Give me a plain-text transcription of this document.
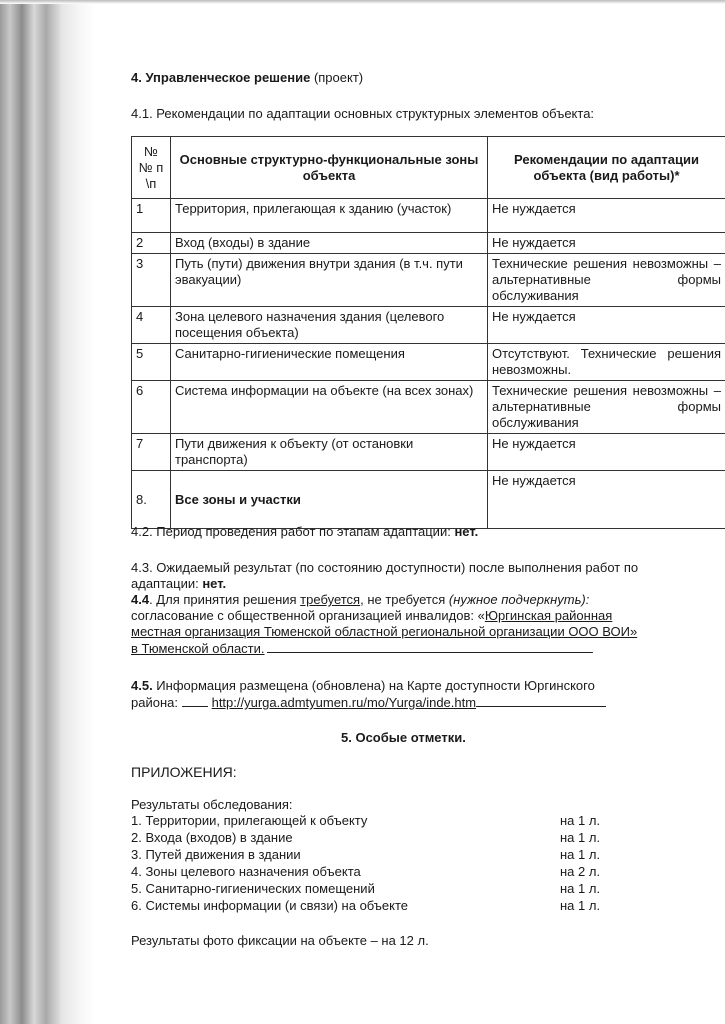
4. Управленческое решение (проект)
4.1. Рекомендации по адаптации основных структурных элементов объекта:
№ № п \п	Основные структурно-функциональные зоны объекта	Рекомендации по адаптации объекта (вид работы)*
1	Территория, прилегающая к зданию (участок)	Не нуждается
2	Вход (входы) в здание	Не нуждается
3	Путь (пути) движения внутри здания (в т.ч. пути эвакуации)	Технические решения невозможны – альтернативные формы обслуживания
4	Зона целевого назначения здания (целевого посещения объекта)	Не нуждается
5	Санитарно-гигиенические помещения	Отсутствуют. Технические решения невозможны.
6	Система информации на объекте (на всех зонах)	Технические решения невозможны – альтернативные формы обслуживания
7	Пути движения к объекту (от остановки транспорта)	Не нуждается
8.	Все зоны и участки	Не нуждается
4.2. Период проведения работ по этапам адаптации: нет.
4.3. Ожидаемый результат (по состоянию доступности) после выполнения работ по
адаптации: нет.
4.4. Для принятия решения требуется, не требуется (нужное подчеркнуть):
согласование с общественной организацией инвалидов: «Юргинская районная
местная организация Тюменской областной региональной организации ООО ВОИ»
в Тюменской области.
4.5. Информация размещена (обновлена) на Карте доступности Юргинского
района: http://yurga.admtyumen.ru/mo/Yurga/inde.htm
5. Особые отметки.
ПРИЛОЖЕНИЯ:
Результаты обследования:
1. Территории, прилегающей к объекту	на 1 л.
2. Входа (входов) в здание	на 1 л.
3. Путей движения в здании	на 1 л.
4. Зоны целевого назначения объекта	на 2 л.
5. Санитарно-гигиенических помещений	на 1 л.
6. Системы информации (и связи) на объекте	на 1 л.
Результаты фото фиксации на объекте – на 12 л.
